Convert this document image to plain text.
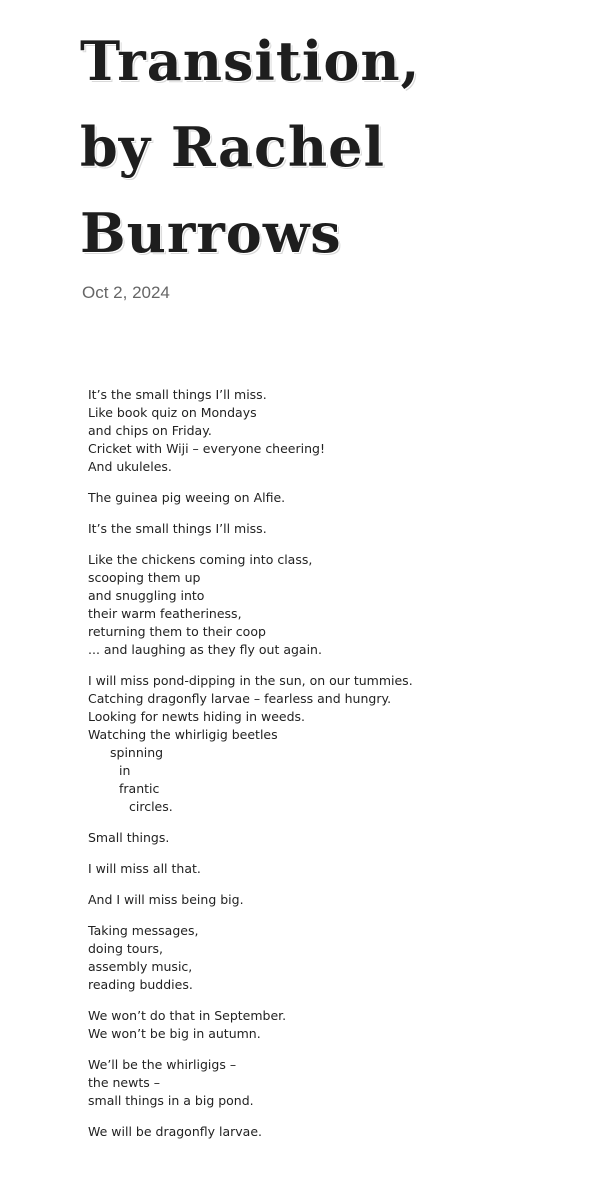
Transition,
by Rachel
Burrows

Oct 2, 2024

It’s the small things I’ll miss.
Like book quiz on Mondays
and chips on Friday.
Cricket with Wiji – everyone cheering!
And ukuleles.

The guinea pig weeing on Alfie.

It’s the small things I’ll miss.

Like the chickens coming into class,
scooping them up
and snuggling into
their warm featheriness,
returning them to their coop
... and laughing as they fly out again.

I will miss pond-dipping in the sun, on our tummies.
Catching dragonfly larvae – fearless and hungry.
Looking for newts hiding in weeds.
Watching the whirligig beetles
spinning
in
frantic
circles.

Small things.

I will miss all that.

And I will miss being big.

Taking messages,
doing tours,
assembly music,
reading buddies.

We won’t do that in September.
We won’t be big in autumn.

We’ll be the whirligigs –
the newts –
small things in a big pond.

We will be dragonfly larvae.
